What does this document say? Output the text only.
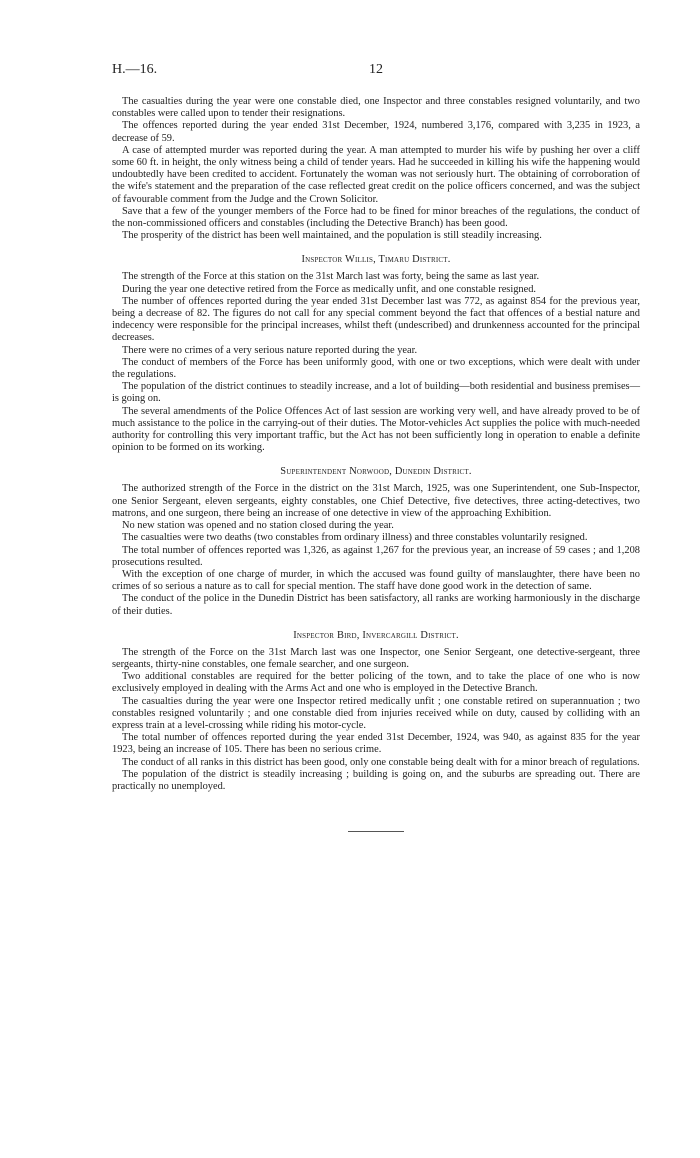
H.—16.	12

The casualties during the year were one constable died, one Inspector and three constables resigned voluntarily, and two constables were called upon to tender their resignations.

The offences reported during the year ended 31st December, 1924, numbered 3,176, compared with 3,235 in 1923, a decrease of 59.

A case of attempted murder was reported during the year. A man attempted to murder his wife by pushing her over a cliff some 60 ft. in height, the only witness being a child of tender years. Had he succeeded in killing his wife the happening would undoubtedly have been credited to accident. Fortunately the woman was not seriously hurt. The obtaining of corroboration of the wife's statement and the preparation of the case reflected great credit on the police officers concerned, and was the subject of favourable comment from the Judge and the Crown Solicitor.

Save that a few of the younger members of the Force had to be fined for minor breaches of the regulations, the conduct of the non-commissioned officers and constables (including the Detective Branch) has been good.

The prosperity of the district has been well maintained, and the population is still steadily increasing.

Inspector Willis, Timaru District.

The strength of the Force at this station on the 31st March last was forty, being the same as last year.

During the year one detective retired from the Force as medically unfit, and one constable resigned.

The number of offences reported during the year ended 31st December last was 772, as against 854 for the previous year, being a decrease of 82. The figures do not call for any special comment beyond the fact that offences of a bestial nature and indecency were responsible for the principal increases, whilst theft (undescribed) and drunkenness accounted for the principal decreases.

There were no crimes of a very serious nature reported during the year.

The conduct of members of the Force has been uniformly good, with one or two exceptions, which were dealt with under the regulations.

The population of the district continues to steadily increase, and a lot of building—both residential and business premises—is going on.

The several amendments of the Police Offences Act of last session are working very well, and have already proved to be of much assistance to the police in the carrying-out of their duties. The Motor-vehicles Act supplies the police with much-needed authority for controlling this very important traffic, but the Act has not been sufficiently long in operation to enable a definite opinion to be formed on its working.

Superintendent Norwood, Dunedin District.

The authorized strength of the Force in the district on the 31st March, 1925, was one Superintendent, one Sub-Inspector, one Senior Sergeant, eleven sergeants, eighty constables, one Chief Detective, five detectives, three acting-detectives, two matrons, and one surgeon, there being an increase of one detective in view of the approaching Exhibition.

No new station was opened and no station closed during the year.

The casualties were two deaths (two constables from ordinary illness) and three constables voluntarily resigned.

The total number of offences reported was 1,326, as against 1,267 for the previous year, an increase of 59 cases ; and 1,208 prosecutions resulted.

With the exception of one charge of murder, in which the accused was found guilty of manslaughter, there have been no crimes of so serious a nature as to call for special mention. The staff have done good work in the detection of same.

The conduct of the police in the Dunedin District has been satisfactory, all ranks are working harmoniously in the discharge of their duties.

Inspector Bird, Invercargill District.

The strength of the Force on the 31st March last was one Inspector, one Senior Sergeant, one detective-sergeant, three sergeants, thirty-nine constables, one female searcher, and one surgeon.

Two additional constables are required for the better policing of the town, and to take the place of one who is now exclusively employed in dealing with the Arms Act and one who is employed in the Detective Branch.

The casualties during the year were one Inspector retired medically unfit ; one constable retired on superannuation ; two constables resigned voluntarily ; and one constable died from injuries received while on duty, caused by colliding with an express train at a level-crossing while riding his motor-cycle.

The total number of offences reported during the year ended 31st December, 1924, was 940, as against 835 for the year 1923, being an increase of 105. There has been no serious crime.

The conduct of all ranks in this district has been good, only one constable being dealt with for a minor breach of regulations.

The population of the district is steadily increasing ; building is going on, and the suburbs are spreading out. There are practically no unemployed.
